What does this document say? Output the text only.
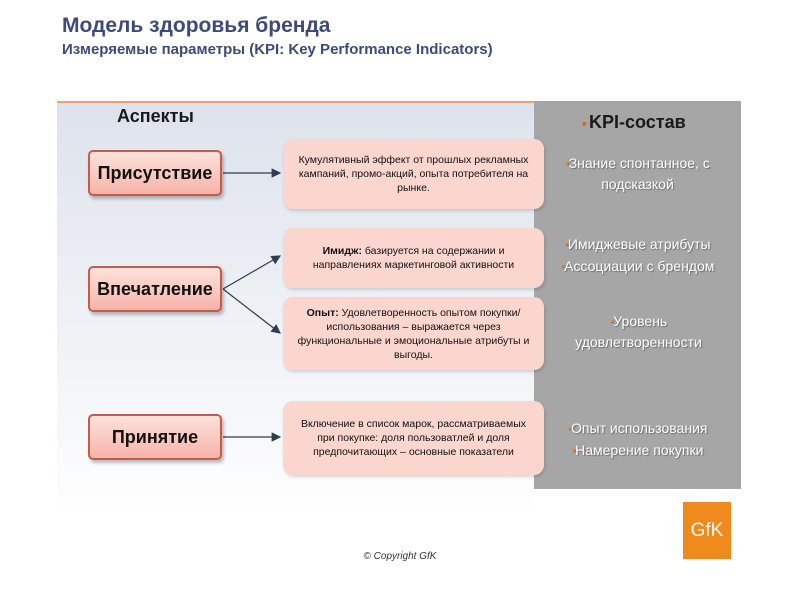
Модель здоровья бренда
Измеряемые параметры (KPI: Key Performance Indicators)
Аспекты
Присутствие
Впечатление
Принятие
Кумулятивный эффект от прошлых рекламных кампаний, промо-акций, опыта потребителя на рынке.
Имидж: базируется на содержании и направлениях маркетинговой активности
Опыт: Удовлетворенность опытом покупки/использования – выражается через функциональные и эмоциональные атрибуты и выгоды.
Включение в список марок, рассматриваемых при покупке: доля пользоватлей и доля предпочитающих – основные показатели
▪ KPI-состав
▪Знание спонтанное, с подсказкой
▪Имиджевые атрибуты
▪Ассоциации с брендом
▪Уровень удовлетворенности
▪Опыт использования
▪Намерение покупки
GfK
© Copyright GfK
